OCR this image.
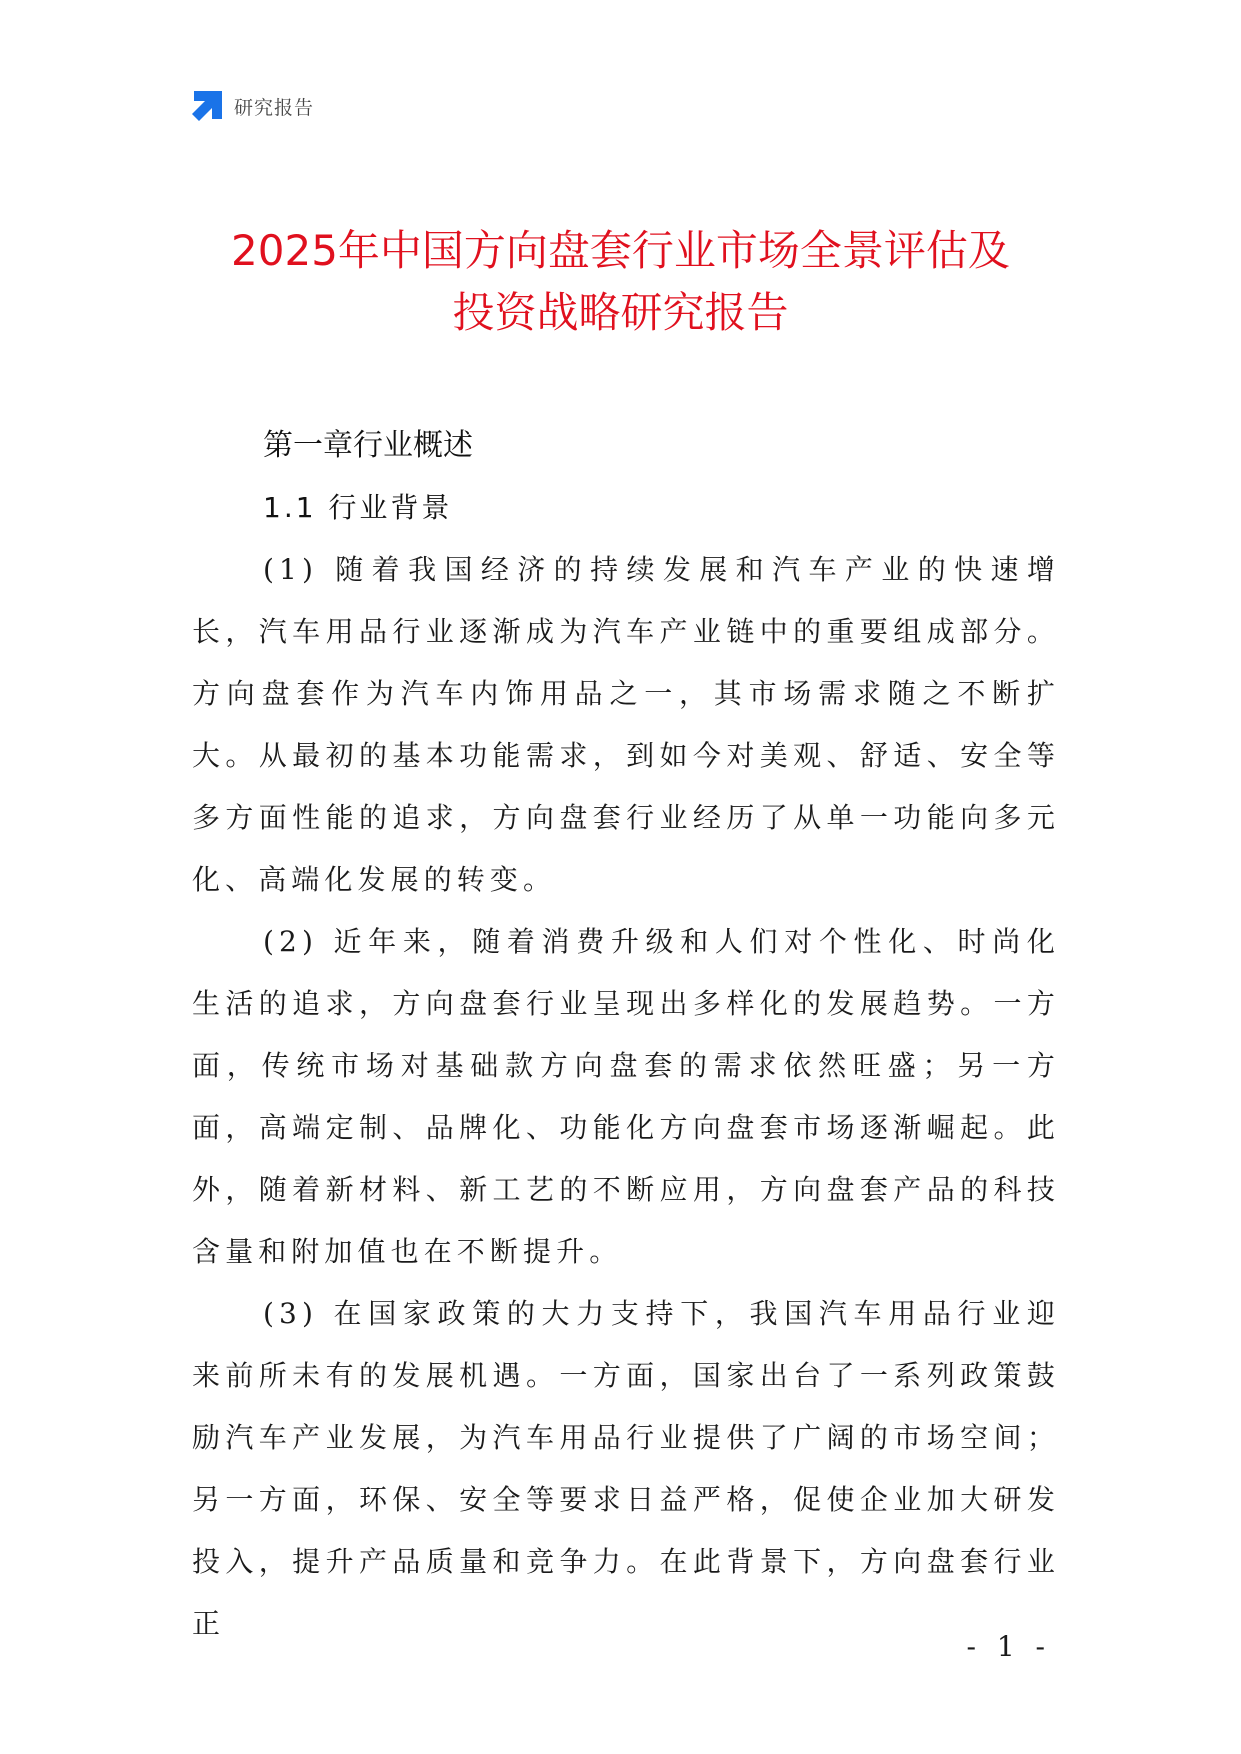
研究报告
2025年中国方向盘套行业市场全景评估及
投资战略研究报告
第一章行业概述
1.1 行业背景

(1) 随着我国经济的持续发展和汽车产业的快速增长，汽车用品行业逐渐成为汽车产业链中的重要组成部分。方向盘套作为汽车内饰用品之一，其市场需求随之不断扩大。从最初的基本功能需求，到如今对美观、舒适、安全等多方面性能的追求，方向盘套行业经历了从单一功能向多元化、高端化发展的转变。

(2) 近年来，随着消费升级和人们对个性化、时尚化生活的追求，方向盘套行业呈现出多样化的发展趋势。一方面，传统市场对基础款方向盘套的需求依然旺盛；另一方面，高端定制、品牌化、功能化方向盘套市场逐渐崛起。此外，随着新材料、新工艺的不断应用，方向盘套产品的科技含量和附加值也在不断提升。

(3) 在国家政策的大力支持下，我国汽车用品行业迎来前所未有的发展机遇。一方面，国家出台了一系列政策鼓励汽车产业发展，为汽车用品行业提供了广阔的市场空间；另一方面，环保、安全等要求日益严格，促使企业加大研发投入，提升产品质量和竞争力。在此背景下，方向盘套行业正

- 1 -
